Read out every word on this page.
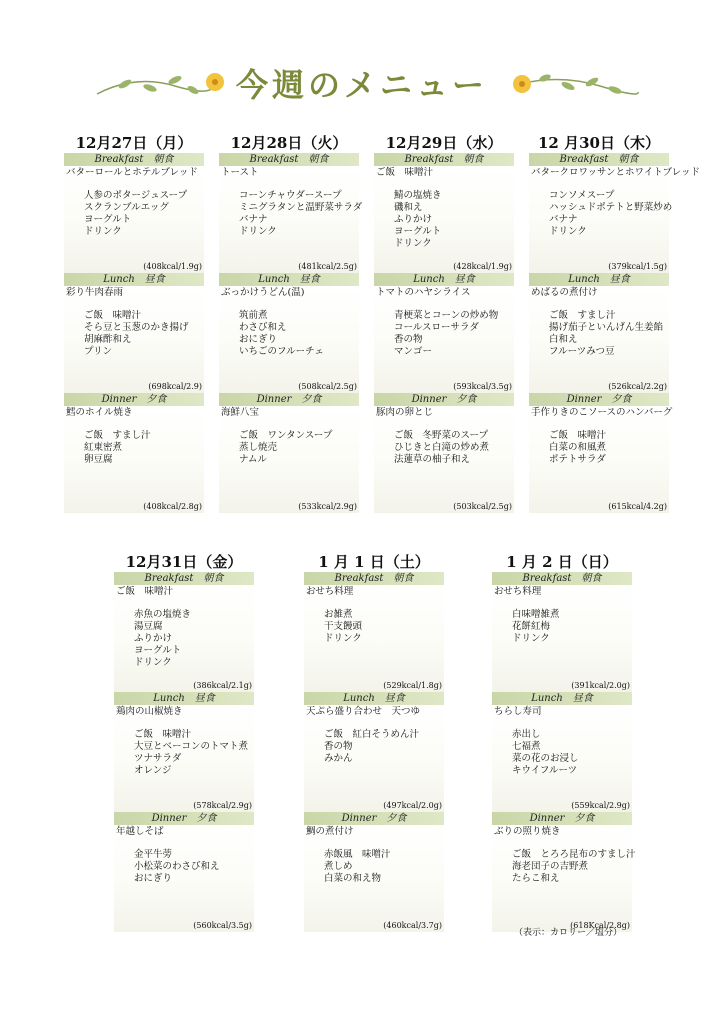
今週のメニュー
12月27日（月）
Breakfast　朝食
バターロールとホテルブレッド
人参のポタージュスープ
スクランブルエッグ
ヨーグルト
ドリンク
(408kcal/1.9g)
Lunch　昼食
彩り牛肉春雨
ご飯　味噌汁
そら豆と玉葱のかき揚げ
胡麻酢和え
プリン
(698kcal/2.9)
Dinner　夕食
鱈のホイル焼き
ご飯　すまし汁
紅東密煮
卵豆腐
(408kcal/2.8g)
12月28日（火）
Breakfast　朝食
トースト
コーンチャウダースープ
ミニグラタンと温野菜サラダ
バナナ
ドリンク
(481kcal/2.5g)
Lunch　昼食
ぶっかけうどん(温)
筑前煮
わさび和え
おにぎり
いちごのフルーチェ
(508kcal/2.5g)
Dinner　夕食
海鮮八宝
ご飯　ワンタンスープ
蒸し焼売
ナムル
(533kcal/2.9g)
12月29日（水）
Breakfast　朝食
ご飯　味噌汁
鯖の塩焼き
磯和え
ふりかけ
ヨーグルト
ドリンク
(428kcal/1.9g)
Lunch　昼食
トマトのハヤシライス
青梗菜とコーンの炒め物
コールスローサラダ
香の物
マンゴー
(593kcal/3.5g)
Dinner　夕食
豚肉の卵とじ
ご飯　冬野菜のスープ
ひじきと白滝の炒め煮
法蓮草の柚子和え
(503kcal/2.5g)
12 月30日（木）
Breakfast　朝食
バタークロワッサンとホワイトブレッド
コンソメスープ
ハッシュドポテトと野菜炒め
バナナ
ドリンク
(379kcal/1.5g)
Lunch　昼食
めばるの煮付け
ご飯　すまし汁
揚げ茄子といんげん生姜餡
白和え
フルーツみつ豆
(526kcal/2.2g)
Dinner　夕食
手作りきのこソースのハンバーグ
ご飯　味噌汁
白菜の和風煮
ポテトサラダ
(615kcal/4.2g)
12月31日（金）
Breakfast　朝食
ご飯　味噌汁
赤魚の塩焼き
湯豆腐
ふりかけ
ヨーグルト
ドリンク
(386kcal/2.1g)
Lunch　昼食
鶏肉の山椒焼き
ご飯　味噌汁
大豆とベーコンのトマト煮
ツナサラダ
オレンジ
(578kcal/2.9g)
Dinner　夕食
年越しそば
金平牛蒡
小松菜のわさび和え
おにぎり
(560kcal/3.5g)
1 月 1 日（土）
Breakfast　朝食
おせち料理
お雑煮
干支饅頭
ドリンク
(529kcal/1.8g)
Lunch　昼食
天ぷら盛り合わせ　天つゆ
ご飯　紅白そうめん汁
香の物
みかん
(497kcal/2.0g)
Dinner　夕食
鯛の煮付け
赤飯風　味噌汁
煮しめ
白菜の和え物
(460kcal/3.7g)
1 月 2 日（日）
Breakfast　朝食
おせち料理
白味噌雑煮
花餅紅梅
ドリンク
(391kcal/2.0g)
Lunch　昼食
ちらし寿司
赤出し
七福煮
菜の花のお浸し
キウイフルーツ
(559kcal/2.9g)
Dinner　夕食
ぶりの照り焼き
ご飯　とろろ昆布のすまし汁
海老団子の吉野煮
たらこ和え
(618Kcal/2.8g)
（表示：カロリー／塩分）
